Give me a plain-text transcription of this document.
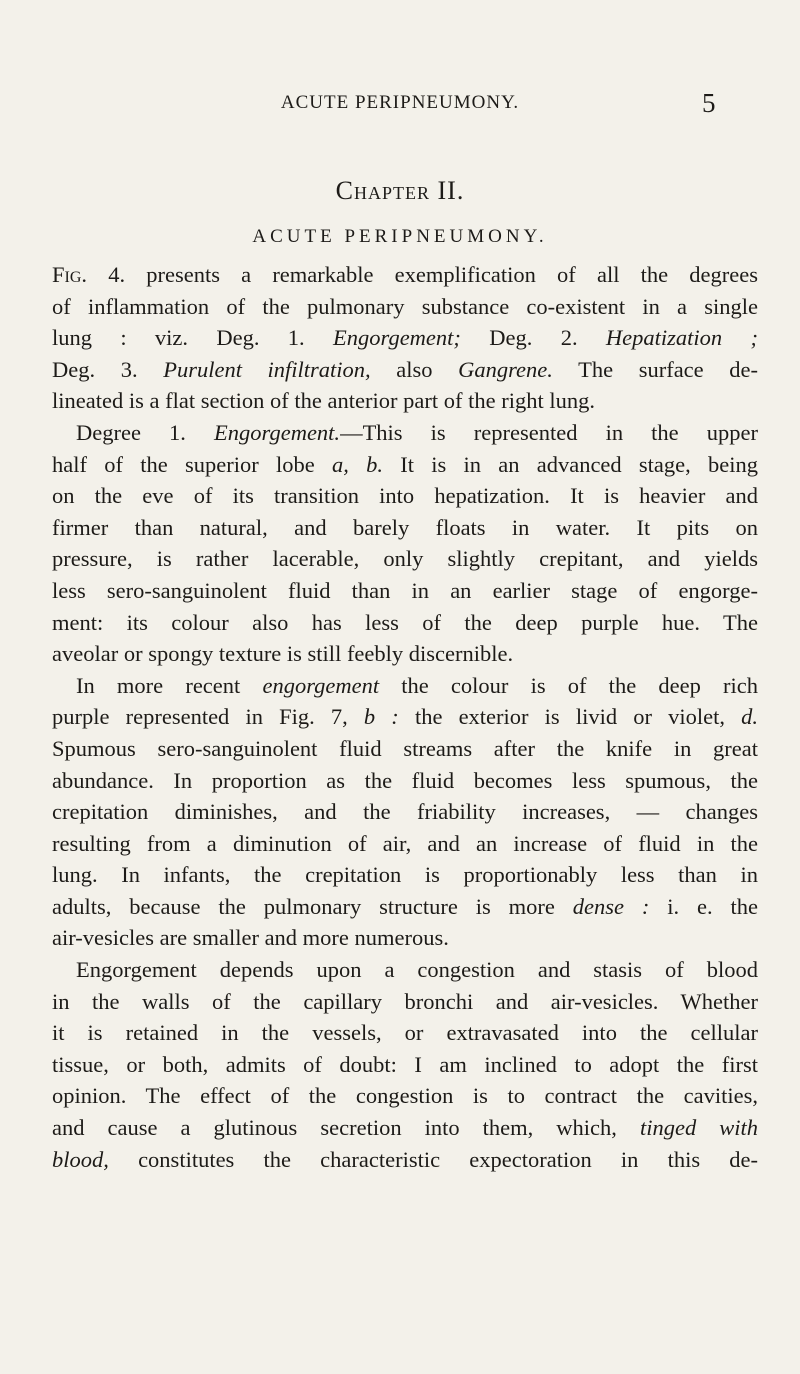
ACUTE PERIPNEUMONY.	5
Chapter II.
ACUTE PERIPNEUMONY.
Fig. 4. presents a remarkable exemplification of all the degrees
of inflammation of the pulmonary substance co-existent in a single
lung : viz. Deg. 1. Engorgement; Deg. 2. Hepatization ;
Deg. 3. Purulent infiltration, also Gangrene. The surface de-
lineated is a flat section of the anterior part of the right lung.
Degree 1. Engorgement.—This is represented in the upper
half of the superior lobe a, b. It is in an advanced stage, being
on the eve of its transition into hepatization. It is heavier and
firmer than natural, and barely floats in water. It pits on
pressure, is rather lacerable, only slightly crepitant, and yields
less sero-sanguinolent fluid than in an earlier stage of engorge-
ment: its colour also has less of the deep purple hue. The
aveolar or spongy texture is still feebly discernible.
In more recent engorgement the colour is of the deep rich
purple represented in Fig. 7, b : the exterior is livid or violet, d.
Spumous sero-sanguinolent fluid streams after the knife in great
abundance. In proportion as the fluid becomes less spumous, the
crepitation diminishes, and the friability increases, — changes
resulting from a diminution of air, and an increase of fluid in the
lung. In infants, the crepitation is proportionably less than in
adults, because the pulmonary structure is more dense : i. e. the
air-vesicles are smaller and more numerous.
Engorgement depends upon a congestion and stasis of blood
in the walls of the capillary bronchi and air-vesicles. Whether
it is retained in the vessels, or extravasated into the cellular
tissue, or both, admits of doubt: I am inclined to adopt the first
opinion. The effect of the congestion is to contract the cavities,
and cause a glutinous secretion into them, which, tinged with
blood, constitutes the characteristic expectoration in this de-
